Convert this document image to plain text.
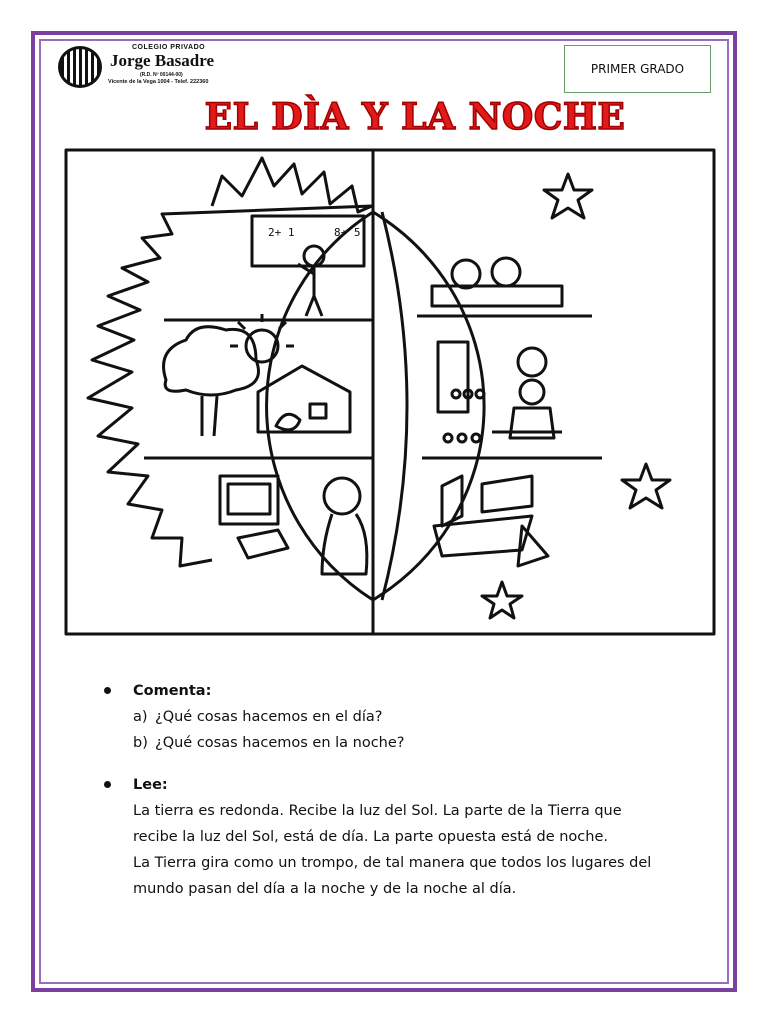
COLEGIO PRIVADO
Jorge Basadre
(R.D. Nº 00144-00)
Vicente de la Vega 1004 - Telef. 222360
PRIMER GRADO
EL DÌA Y LA NOCHE
2+ 1	8+ 5
Comenta:
a) ¿Qué cosas hacemos en el día?
b) ¿Qué cosas hacemos en la noche?
Lee:
La tierra es redonda. Recibe la luz del Sol. La parte de la Tierra que recibe la luz del Sol, está de día. La parte opuesta está de noche.
La Tierra gira como un trompo, de tal manera que todos los lugares del mundo pasan del día a la noche y de la noche al día.
